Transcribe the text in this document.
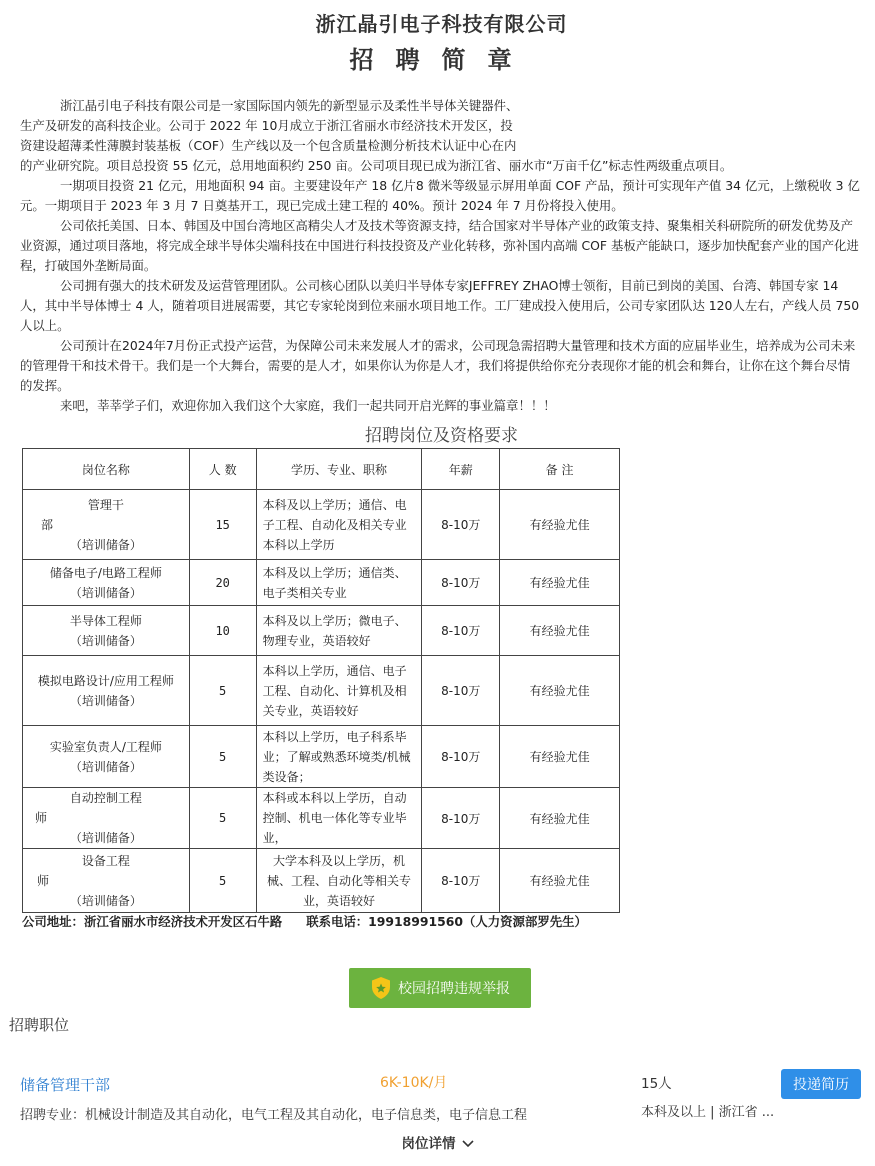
浙江晶引电子科技有限公司
招聘简章

浙江晶引电子科技有限公司是一家国际国内领先的新型显示及柔性半导体关键器件、

生产及研发的高科技企业。公司于 2022 年 10月成立于浙江省丽水市经济技术开发区，投

资建设超薄柔性薄膜封装基板（COF）生产线以及一个包含质量检测分析技术认证中心在内

的产业研究院。项目总投资 55 亿元，总用地面积约 250 亩。公司项目现已成为浙江省、丽水市“万亩千亿”标志性两级重点项目。

一期项目投资 21 亿元，用地面积 94 亩。主要建设年产 18 亿片8 微米等级显示屏用单面 COF 产品，预计可实现年产值 34 亿元，上缴税收 3 亿元。一期项目于 2023 年 3 月 7 日奠基开工，现已完成土建工程的 40%。预计 2024 年 7 月份将投入使用。

公司依托美国、日本、韩国及中国台湾地区高精尖人才及技术等资源支持，结合国家对半导体产业的政策支持、聚集相关科研院所的研发优势及产业资源，通过项目落地，将完成全球半导体尖端科技在中国进行科技投资及产业化转移，弥补国内高端 COF 基板产能缺口，逐步加快配套产业的国产化进程，打破国外垄断局面。

公司拥有强大的技术研发及运营管理团队。公司核心团队以美归半导体专家JEFFREY ZHAO博士领衔，目前已到岗的美国、台湾、韩国专家 14人，其中半导体博士 4 人，随着项目进展需要，其它专家轮岗到位来丽水项目地工作。工厂建成投入使用后，公司专家团队达 120人左右，产线人员 750 人以上。

公司预计在2024年7月份正式投产运营，为保障公司未来发展人才的需求，公司现急需招聘大量管理和技术方面的应届毕业生，培养成为公司未来的管理骨干和技术骨干。我们是一个大舞台，需要的是人才，如果你认为你是人才，我们将提供给你充分表现你才能的机会和舞台，让你在这个舞台尽情的发挥。

来吧，莘莘学子们，欢迎你加入我们这个大家庭，我们一起共同开启光辉的事业篇章！！！

招聘岗位及资格要求
岗位名称	人 数	学历、专业、职称	年薪	备 注

管理干
部
（培训储备）	15	本科及以上学历；通信、电子工程、自动化及相关专业本科以上学历	8-10万	有经验尤佳

储备电子/电路工程师
（培训储备）	20	本科及以上学历；通信类、电子类相关专业	8-10万	有经验尤佳

半导体工程师
（培训储备）	10	本科及以上学历；微电子、物理专业，英语较好	8-10万	有经验尤佳

模拟电路设计/应用工程师
（培训储备）	5	本科以上学历，通信、电子工程、自动化、计算机及相关专业，英语较好	8-10万	有经验尤佳

实验室负责人/工程师
（培训储备）	5	本科以上学历，电子科系毕业；了解或熟悉环境类/机械类设备；	8-10万	有经验尤佳

自动控制工程
师
（培训储备）	5	本科或本科以上学历，自动控制、机电一体化等专业毕业，	8-10万	有经验尤佳

设备工程
师
（培训储备）	5	大学本科及以上学历，机械、工程、自动化等相关专业，英语较好	8-10万	有经验尤佳
公司地址：浙江省丽水市经济技术开发区石牛路 联系电话：19918991560（人力资源部罗先生）
校园招聘违规举报
招聘职位
储备管理干部	6K-10K/月	15人	投递简历
招聘专业：机械设计制造及其自动化，电气工程及其自动化，电子信息类，电子信息工程	本科及以上 | 浙江省 ...
岗位详情
